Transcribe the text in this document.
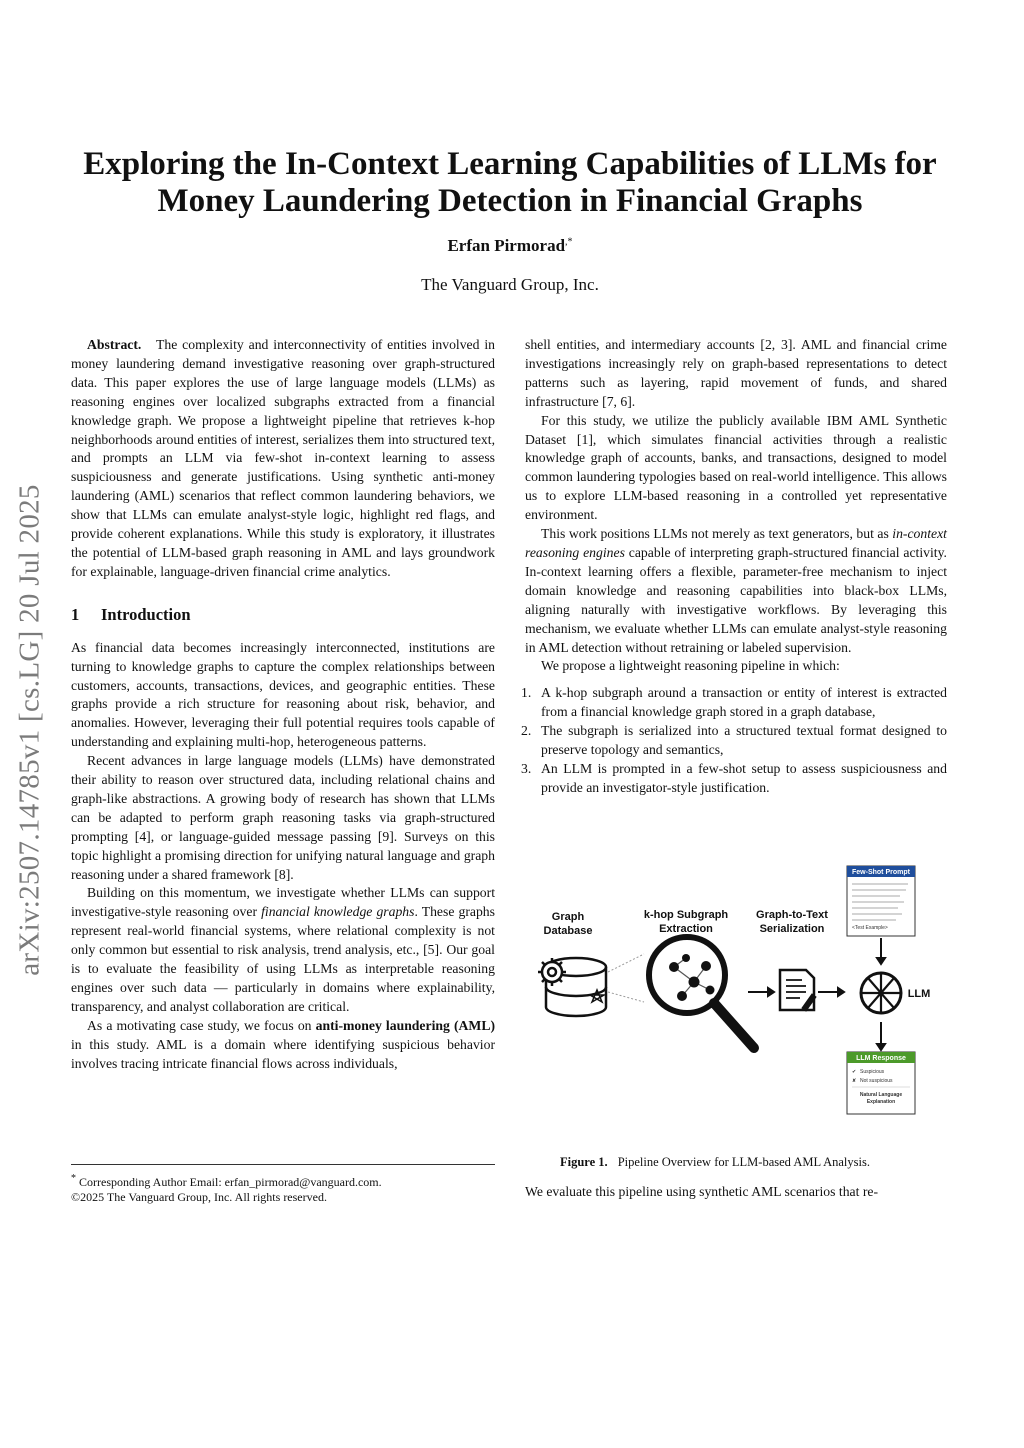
arXiv:2507.14785v1 [cs.LG] 20 Jul 2025
Exploring the In-Context Learning Capabilities of LLMs for Money Laundering Detection in Financial Graphs
Erfan Pirmorad,*
The Vanguard Group, Inc.

Abstract. The complexity and interconnectivity of entities involved in money laundering demand investigative reasoning over graph-structured data. This paper explores the use of large language models (LLMs) as reasoning engines over localized subgraphs extracted from a financial knowledge graph. We propose a lightweight pipeline that retrieves k-hop neighborhoods around entities of interest, serializes them into structured text, and prompts an LLM via few-shot in-context learning to assess suspiciousness and generate justifications. Using synthetic anti-money laundering (AML) scenarios that reflect common laundering behaviors, we show that LLMs can emulate analyst-style logic, highlight red flags, and provide coherent explanations. While this study is exploratory, it illustrates the potential of LLM-based graph reasoning in AML and lays groundwork for explainable, language-driven financial crime analytics.

1 Introduction

As financial data becomes increasingly interconnected, institutions are turning to knowledge graphs to capture the complex relationships between customers, accounts, transactions, devices, and geographic entities. These graphs provide a rich structure for reasoning about risk, behavior, and anomalies. However, leveraging their full potential requires tools capable of understanding and explaining multi-hop, heterogeneous patterns.

Recent advances in large language models (LLMs) have demonstrated their ability to reason over structured data, including relational chains and graph-like abstractions. A growing body of research has shown that LLMs can be adapted to perform graph reasoning tasks via graph-structured prompting [4], or language-guided message passing [9]. Surveys on this topic highlight a promising direction for unifying natural language and graph reasoning under a shared framework [8].

Building on this momentum, we investigate whether LLMs can support investigative-style reasoning over financial knowledge graphs. These graphs represent real-world financial systems, where relational complexity is not only common but essential to risk analysis, trend analysis, etc., [5]. Our goal is to evaluate the feasibility of using LLMs as interpretable reasoning engines over such data — particularly in domains where explainability, transparency, and analyst collaboration are critical.

As a motivating case study, we focus on anti-money laundering (AML) in this study. AML is a domain where identifying suspicious behavior involves tracing intricate financial flows across individuals,

* Corresponding Author Email: erfan_pirmorad@vanguard.com.
©2025 The Vanguard Group, Inc. All rights reserved.

shell entities, and intermediary accounts [2, 3]. AML and financial crime investigations increasingly rely on graph-based representations to detect patterns such as layering, rapid movement of funds, and shared infrastructure [7, 6].

For this study, we utilize the publicly available IBM AML Synthetic Dataset [1], which simulates financial activities through a realistic knowledge graph of accounts, banks, and transactions, designed to model common laundering typologies based on real-world intelligence. This allows us to explore LLM-based reasoning in a controlled yet representative environment.

This work positions LLMs not merely as text generators, but as in-context reasoning engines capable of interpreting graph-structured financial activity. In-context learning offers a flexible, parameter-free mechanism to inject domain knowledge and reasoning capabilities into black-box LLMs, aligning naturally with investigative workflows. By leveraging this mechanism, we evaluate whether LLMs can emulate analyst-style reasoning in AML detection without retraining or labeled supervision.

We propose a lightweight reasoning pipeline in which:

1. A k-hop subgraph around a transaction or entity of interest is extracted from a financial knowledge graph stored in a graph database,
2. The subgraph is serialized into a structured textual format designed to preserve topology and semantics,
3. An LLM is prompted in a few-shot setup to assess suspiciousness and provide an investigator-style justification.
Graph
Database
k-hop Subgraph
Extraction
Graph-to-Text
Serialization
LLM
Few-Shot Prompt
<Test Example>
LLM Response
✔ Suspicious
✘ Not suspicious
Natural Language
Explanation
Figure 1. Pipeline Overview for LLM-based AML Analysis.
We evaluate this pipeline using synthetic AML scenarios that re-
